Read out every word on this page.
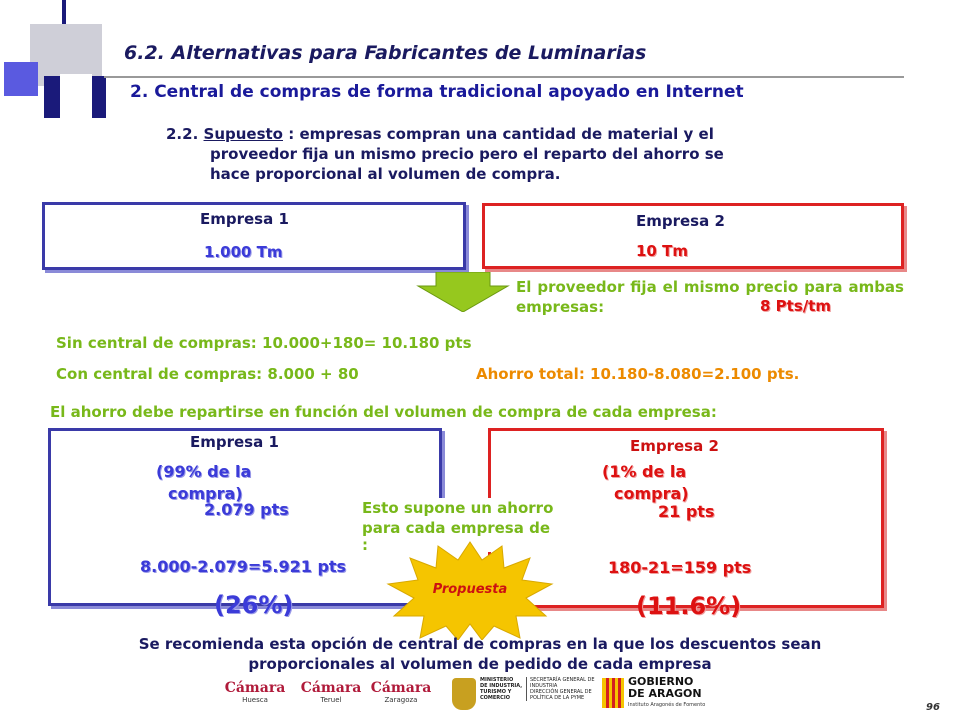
6.2. Alternativas para Fabricantes de Luminarias
2. Central de compras de forma tradicional apoyado en Internet
2.2. Supuesto : empresas compran una cantidad de material y el
proveedor fija un mismo precio pero el reparto del ahorro se
hace proporcional al volumen de compra.
Empresa 1
1.000 Tm
Empresa 2
10 Tm
El proveedor fija el mismo precio para ambas empresas:	8 Pts/tm
Sin central de compras: 10.000+180= 10.180 pts
Con central de compras: 8.000 + 80	Ahorro total: 10.180-8.080=2.100 pts.
El ahorro debe repartirse en función del volumen de compra de cada empresa:
Empresa 1
(99% de la
compra)
2.079 pts
8.000-2.079=5.921 pts
(26%)
Empresa 2
(1% de la
compra)
21 pts
180-21=159 pts
(11.6%)
Esto supone un ahorro
para cada empresa de
:
Propuesta
Se recomienda esta opción de central de compras en la que los descuentos sean
proporcionales al volumen de pedido de cada empresa
Cámara
Huesca
Cámara
Teruel
Cámara
Zaragoza
MINISTERIO
DE INDUSTRIA,
TURISMO Y
COMERCIO
SECRETARÍA GENERAL DE
INDUSTRIA
DIRECCIÓN GENERAL DE
POLÍTICA DE LA PYME
GOBIERNO
DE ARAGON
Instituto Aragonés de Fomento	96
